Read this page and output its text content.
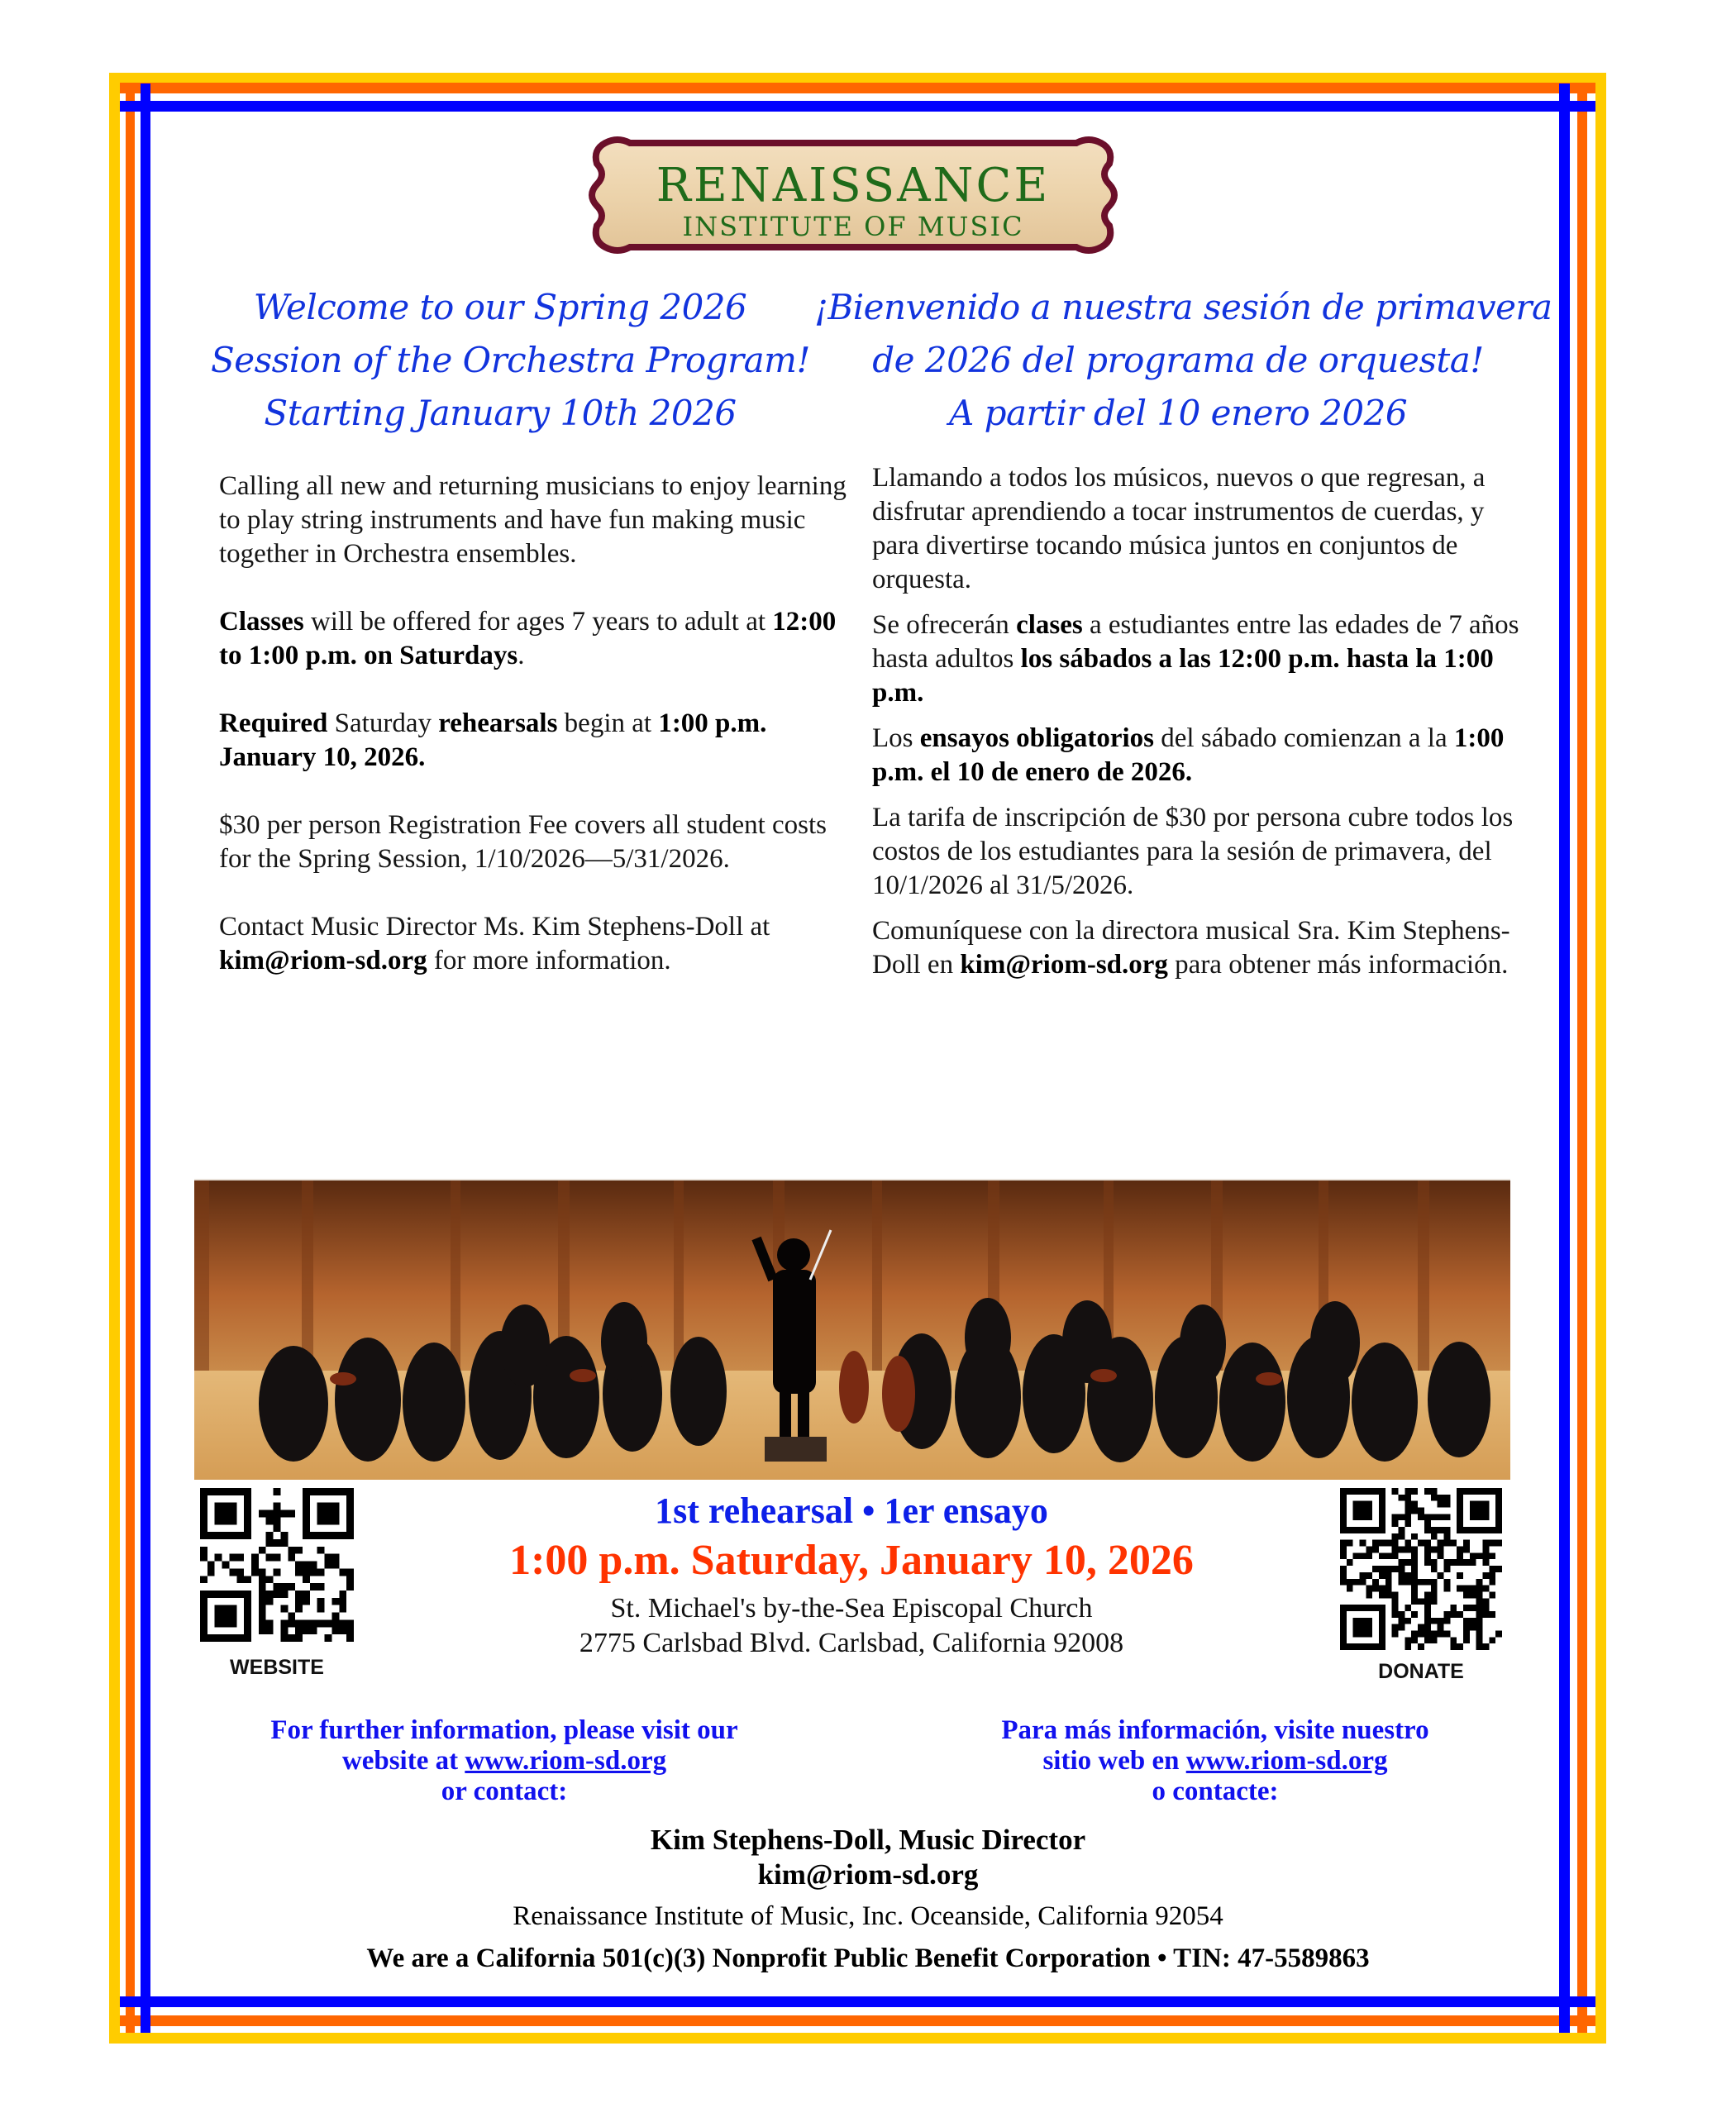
RENAISSANCE
INSTITUTE OF MUSIC
Welcome to our Spring 2026
Session of the Orchestra Program!
Starting January 10th 2026
¡Bienvenido a nuestra sesión de primavera
de 2026 del programa de orquesta!
A partir del 10 enero 2026

Calling all new and returning musicians to enjoy learning to play string instruments and have fun making music together in Orchestra ensembles.

Classes will be offered for ages 7 years to adult at 12:00 to 1:00 p.m. on Saturdays.

Required Saturday rehearsals begin at 1:00 p.m. January 10, 2026.

$30 per person Registration Fee covers all student costs for the Spring Session, 1/10/2026—5/31/2026.

Contact Music Director Ms. Kim Stephens-Doll at kim@riom-sd.org for more information.

Llamando a todos los músicos, nuevos o que regresan, a disfrutar aprendiendo a tocar instrumentos de cuerdas, y para divertirse tocando música juntos en conjuntos de orquesta.

Se ofrecerán clases a estudiantes entre las edades de 7 años hasta adultos los sábados a las 12:00 p.m. hasta la 1:00 p.m.

Los ensayos obligatorios del sábado comienzan a la 1:00 p.m. el 10 de enero de 2026.

La tarifa de inscripción de $30 por persona cubre todos los costos de los estudiantes para la sesión de primavera, del 10/1/2026 al 31/5/2026.

Comuníquese con la directora musical Sra. Kim Stephens-Doll en kim@riom-sd.org para obtener más información.

WEBSITE
1st rehearsal • 1er ensayo
1:00 p.m. Saturday, January 10, 2026
St. Michael's by-the-Sea Episcopal Church
2775 Carlsbad Blvd. Carlsbad, California 92008
DONATE
For further information, please visit our
website at www.riom-sd.org
or contact:
Para más información, visite nuestro
sitio web en www.riom-sd.org
o contacte:
Kim Stephens-Doll, Music Director
kim@riom-sd.org
Renaissance Institute of Music, Inc. Oceanside, California 92054
We are a California 501(c)(3) Nonprofit Public Benefit Corporation • TIN: 47-5589863
